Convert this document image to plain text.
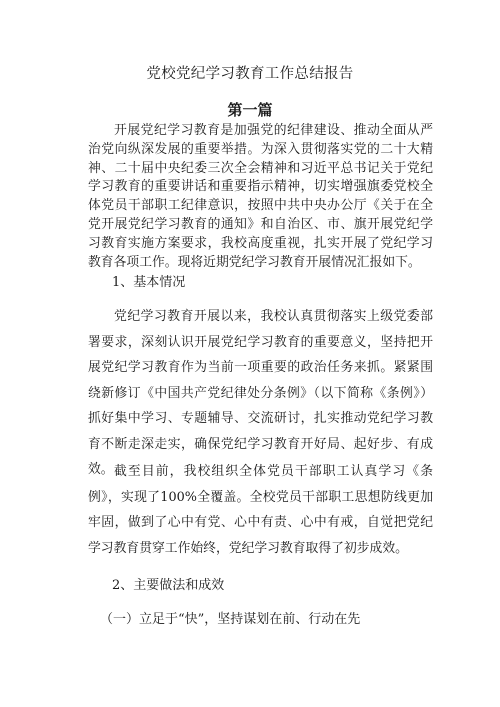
党校党纪学习教育工作总结报告
第一篇

开展党纪学习教育是加强党的纪律建设、推动全面从严治党向纵深发展的重要举措。为深入贯彻落实党的二十大精神、二十届中央纪委三次全会精神和习近平总书记关于党纪学习教育的重要讲话和重要指示精神，切实增强旗委党校全体党员干部职工纪律意识，按照中共中央办公厅《关于在全党开展党纪学习教育的通知》和自治区、市、旗开展党纪学习教育实施方案要求，我校高度重视，扎实开展了党纪学习教育各项工作。现将近期党纪学习教育开展情况汇报如下。

1、基本情况

党纪学习教育开展以来，我校认真贯彻落实上级党委部署要求，深刻认识开展党纪学习教育的重要意义，坚持把开展党纪学习教育作为当前一项重要的政治任务来抓。紧紧围绕新修订《中国共产党纪律处分条例》（以下简称《条例》）抓好集中学习、专题辅导、交流研讨，扎实推动党纪学习教育不断走深走实，确保党纪学习教育开好局、起好步、有成效。 截至目前，我校组织全体党员干部职工认真学习《条例》，实现了100%全覆盖。全校党员干部职工思想防线更加牢固，做到了心中有党、心中有责、心中有戒，自觉把党纪学习教育贯穿工作始终，党纪学习教育取得了初步成效。

2、主要做法和成效

（一）立足于“快”，坚持谋划在前、行动在先
